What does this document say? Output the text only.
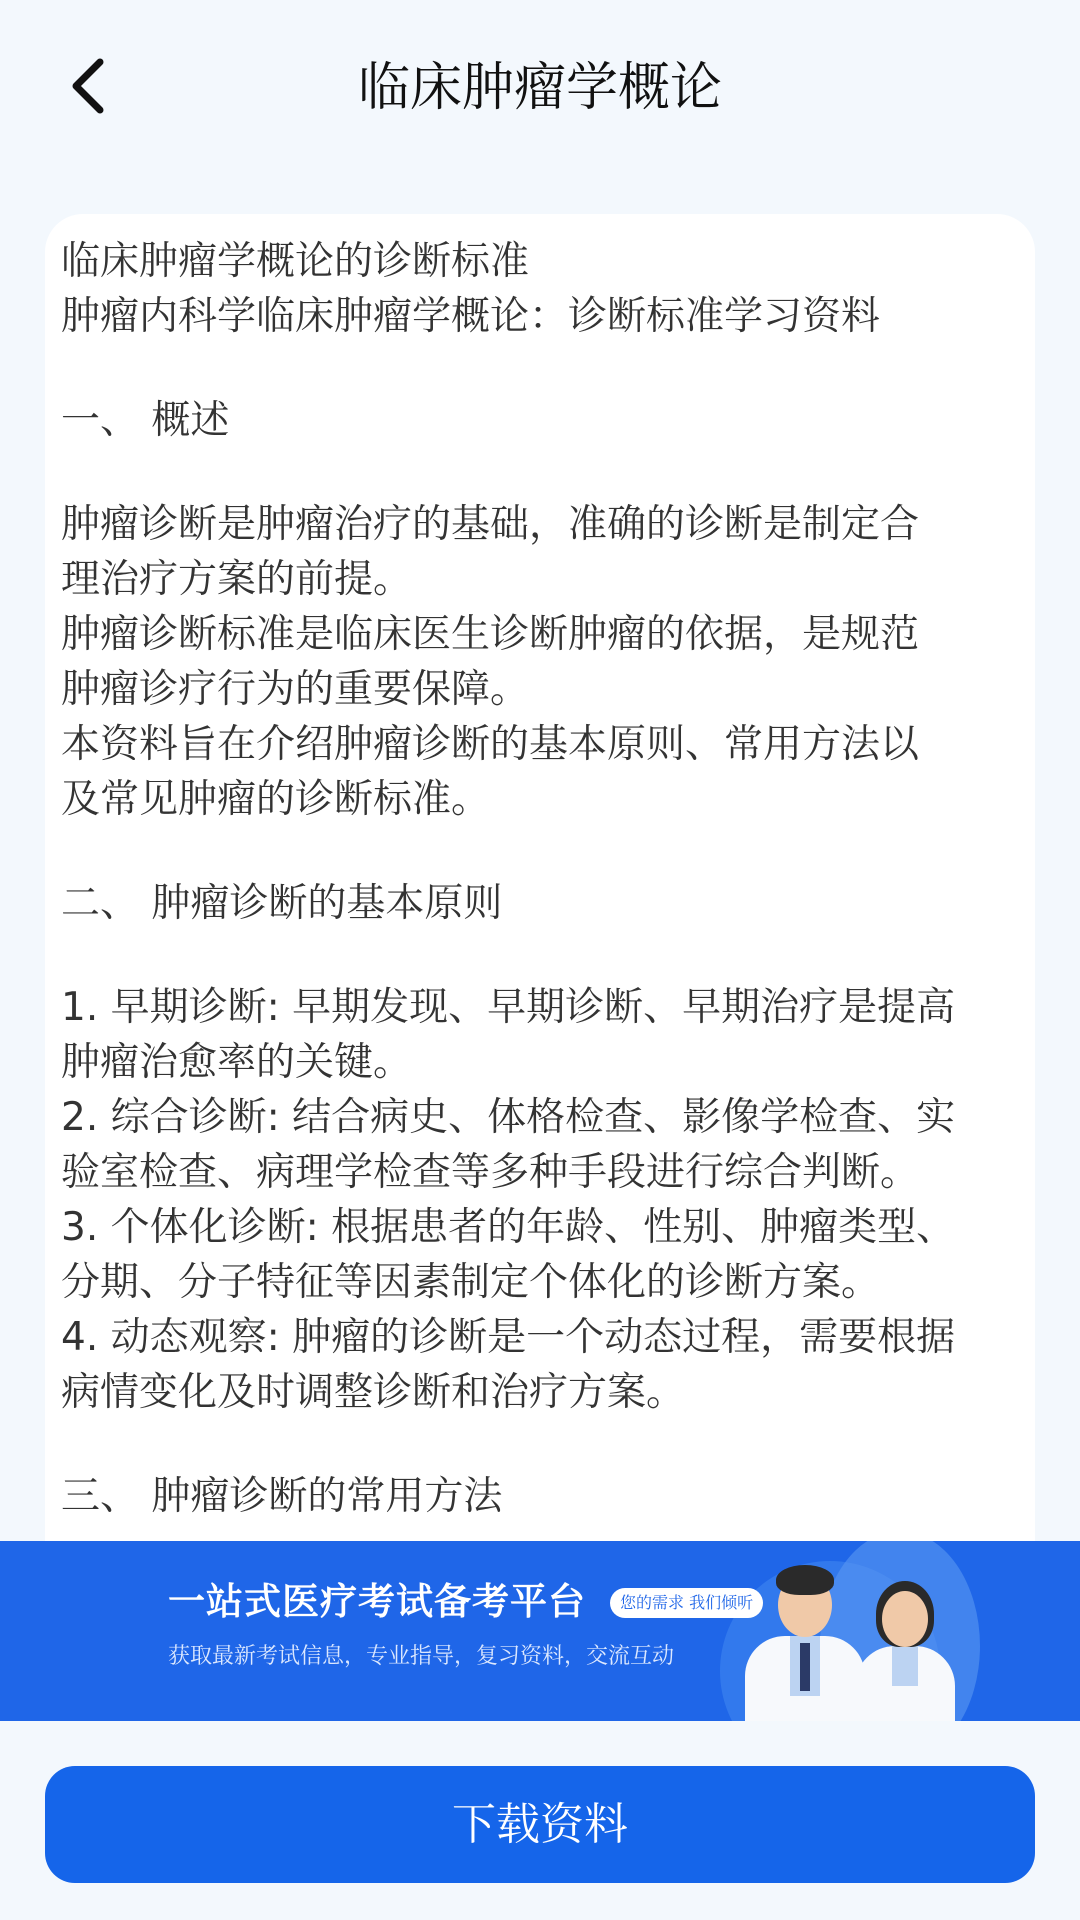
临床肿瘤学概论
临床肿瘤学概论的诊断标准
肿瘤内科学临床肿瘤学概论：诊断标准学习资料
一、 概述
肿瘤诊断是肿瘤治疗的基础，准确的诊断是制定合
理治疗方案的前提。
肿瘤诊断标准是临床医生诊断肿瘤的依据，是规范
肿瘤诊疗行为的重要保障。
本资料旨在介绍肿瘤诊断的基本原则、常用方法以
及常见肿瘤的诊断标准。
二、 肿瘤诊断的基本原则
1. 早期诊断: 早期发现、早期诊断、早期治疗是提高
肿瘤治愈率的关键。
2. 综合诊断: 结合病史、体格检查、影像学检查、实
验室检查、病理学检查等多种手段进行综合判断。
3. 个体化诊断: 根据患者的年龄、性别、肿瘤类型、
分期、分子特征等因素制定个体化的诊断方案。
4. 动态观察: 肿瘤的诊断是一个动态过程，需要根据
病情变化及时调整诊断和治疗方案。
三、 肿瘤诊断的常用方法
一站式医疗考试备考平台	您的需求 我们倾听
获取最新考试信息，专业指导，复习资料，交流互动
下载资料
